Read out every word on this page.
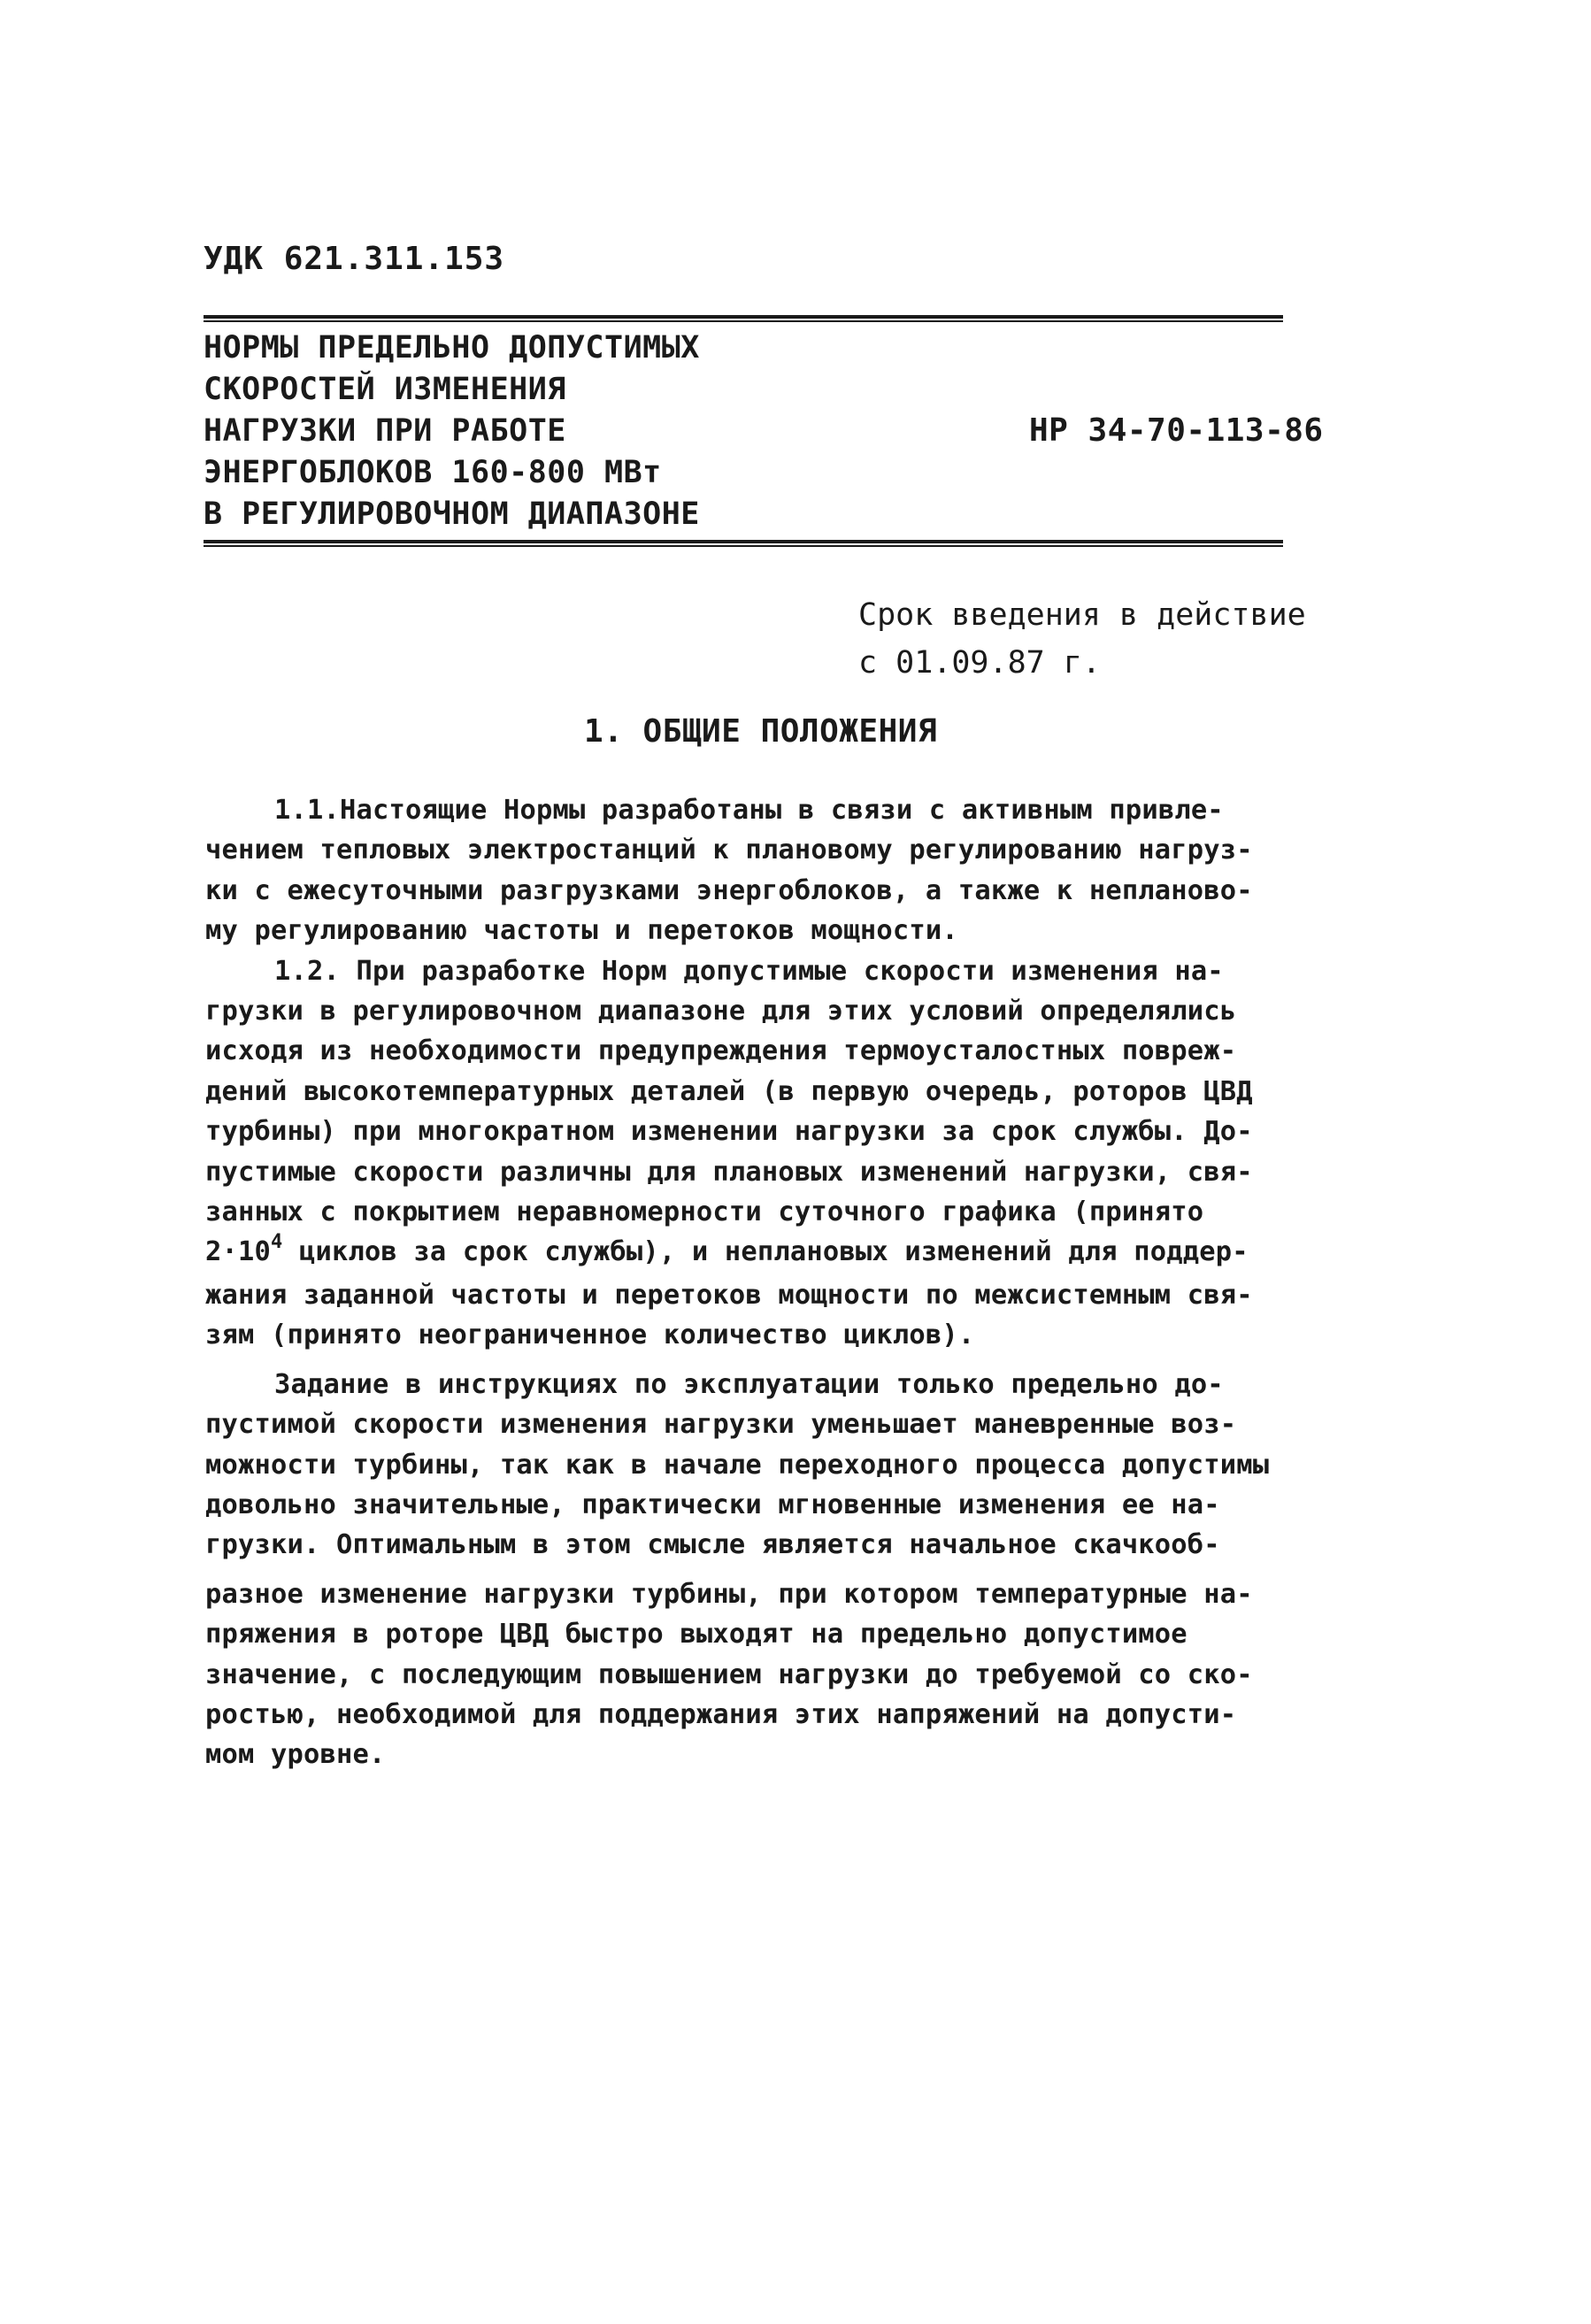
УДК 621.311.153
НОРМЫ ПРЕДЕЛЬНО ДОПУСТИМЫХ
СКОРОСТЕЙ ИЗМЕНЕНИЯ
НАГРУЗКИ ПРИ РАБОТЕ
ЭНЕРГОБЛОКОВ 160-800 МВт
В РЕГУЛИРОВОЧНОМ ДИАПАЗОНЕ
НР 34-70-113-86
Срок введения в действие
с 01.09.87 г.
1. ОБЩИЕ ПОЛОЖЕНИЯ
1.1.Настоящие Нормы разработаны в связи с активным привле-
чением тепловых электростанций к плановому регулированию нагруз-
ки с ежесуточными разгрузками энергоблоков, а также к непланово-
му регулированию частоты и перетоков мощности.
1.2. При разработке Норм допустимые скорости изменения на-
грузки в регулировочном диапазоне для этих условий определялись
исходя из необходимости предупреждения термоусталостных повреж-
дений высокотемпературных деталей (в первую очередь, роторов ЦВД
турбины) при многократном изменении нагрузки за срок службы. До-
пустимые скорости различны для плановых изменений нагрузки, свя-
занных с покрытием неравномерности суточного графика (принято
$2\cdot 10^4$ циклов за срок службы), и неплановых изменений для поддер-
жания заданной частоты и перетоков мощности по межсистемным свя-
зям (принято неограниченное количество циклов).
Задание в инструкциях по эксплуатации только предельно до-
пустимой скорости изменения нагрузки уменьшает маневренные воз-
можности турбины, так как в начале переходного процесса допустимы
довольно значительные, практически мгновенные изменения ее на-
грузки. Оптимальным в этом смысле является начальное скачкооб-
разное изменение нагрузки турбины, при котором температурные на-
пряжения в роторе ЦВД быстро выходят на предельно допустимое
значение, с последующим повышением нагрузки до требуемой со ско-
ростью, необходимой для поддержания этих напряжений на допусти-
мом уровне.
